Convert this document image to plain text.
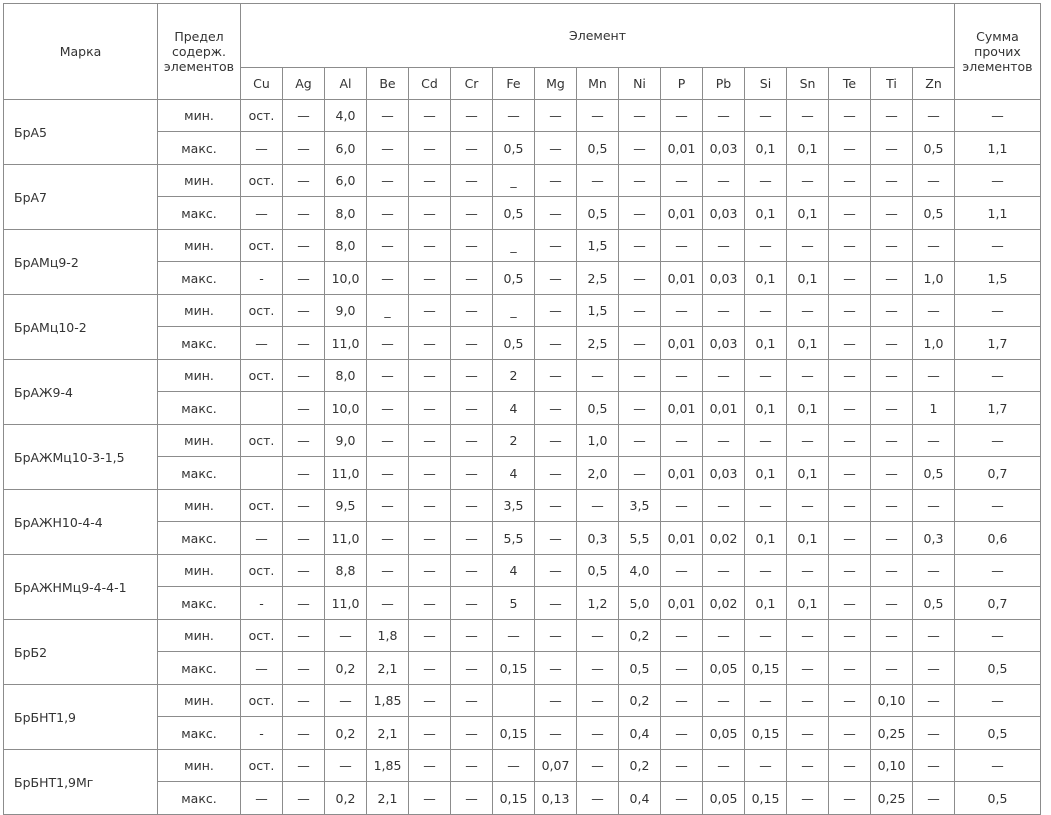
Марка	Предел содерж. элементов	Элемент																	Сумма прочих элементов
		Cu	Ag	Al	Be	Cd	Cr	Fe	Mg	Mn	Ni	P	Pb	Si	Sn	Te	Ti	Zn	
БрА5	мин.	ост.	—	4,0	—	—	—	—	—	—	—	—	—	—	—	—	—	—	—
	макс.	—	—	6,0	—	—	—	0,5	—	0,5	—	0,01	0,03	0,1	0,1	—	—	0,5	1,1
БрА7	мин.	ост.	—	6,0	—	—	—	_	—	—	—	—	—	—	—	—	—	—	—
	макс.	—	—	8,0	—	—	—	0,5	—	0,5	—	0,01	0,03	0,1	0,1	—	—	0,5	1,1
БрАМц9-2	мин.	ост.	—	8,0	—	—	—	_	—	1,5	—	—	—	—	—	—	—	—	—
	макс.	-	—	10,0	—	—	—	0,5	—	2,5	—	0,01	0,03	0,1	0,1	—	—	1,0	1,5
БрАМц10-2	мин.	ост.	—	9,0	_	—	—	_	—	1,5	—	—	—	—	—	—	—	—	—
	макс.	—	—	11,0	—	—	—	0,5	—	2,5	—	0,01	0,03	0,1	0,1	—	—	1,0	1,7
БрАЖ9-4	мин.	ост.	—	8,0	—	—	—	2	—	—	—	—	—	—	—	—	—	—	—
	макс.		—	10,0	—	—	—	4	—	0,5	—	0,01	0,01	0,1	0,1	—	—	1	1,7
БрАЖМц10-3-1,5	мин.	ост.	—	9,0	—	—	—	2	—	1,0	—	—	—	—	—	—	—	—	—
	макс.		—	11,0	—	—	—	4	—	2,0	—	0,01	0,03	0,1	0,1	—	—	0,5	0,7
БрАЖН10-4-4	мин.	ост.	—	9,5	—	—	—	3,5	—	—	3,5	—	—	—	—	—	—	—	—
	макс.	—	—	11,0	—	—	—	5,5	—	0,3	5,5	0,01	0,02	0,1	0,1	—	—	0,3	0,6
БрАЖНМц9-4-4-1	мин.	ост.	—	8,8	—	—	—	4	—	0,5	4,0	—	—	—	—	—	—	—	—
	макс.	-	—	11,0	—	—	—	5	—	1,2	5,0	0,01	0,02	0,1	0,1	—	—	0,5	0,7
БрБ2	мин.	ост.	—	—	1,8	—	—	—	—	—	0,2	—	—	—	—	—	—	—	—
	макс.	—	—	0,2	2,1	—	—	0,15	—	—	0,5	—	0,05	0,15	—	—	—	—	0,5
БрБНТ1,9	мин.	ост.	—	—	1,85	—	—		—	—	0,2	—	—	—	—	—	0,10	—	—
	макс.	-	—	0,2	2,1	—	—	0,15	—	—	0,4	—	0,05	0,15	—	—	0,25	—	0,5
БрБНТ1,9Мг	мин.	ост.	—	—	1,85	—	—	—	0,07	—	0,2	—	—	—	—	—	0,10	—	—
	макс.	—	—	0,2	2,1	—	—	0,15	0,13	—	0,4	—	0,05	0,15	—	—	0,25	—	0,5
